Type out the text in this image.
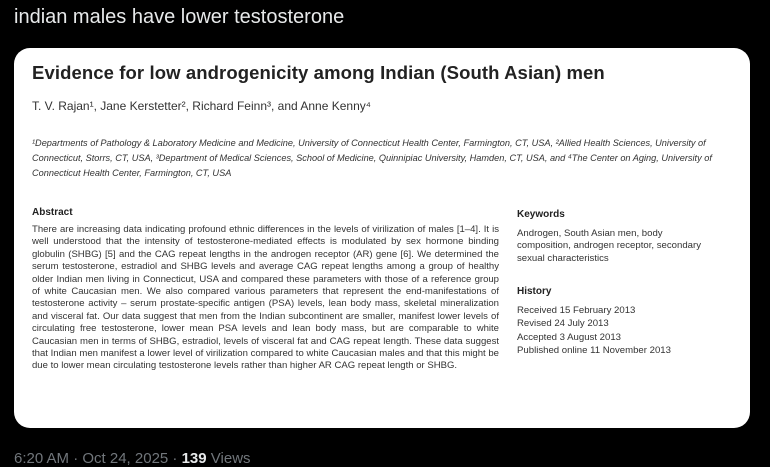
indian males have lower testosterone
Evidence for low androgenicity among Indian (South Asian) men
T. V. Rajan¹, Jane Kerstetter², Richard Feinn³, and Anne Kenny⁴
¹Departments of Pathology & Laboratory Medicine and Medicine, University of Connecticut Health Center, Farmington, CT, USA, ²Allied Health Sciences, University of Connecticut, Storrs, CT, USA, ³Department of Medical Sciences, School of Medicine, Quinnipiac University, Hamden, CT, USA, and ⁴The Center on Aging, University of Connecticut Health Center, Farmington, CT, USA
Abstract
There are increasing data indicating profound ethnic differences in the levels of virilization of males [1–4]. It is well understood that the intensity of testosterone-mediated effects is modulated by sex hormone binding globulin (SHBG) [5] and the CAG repeat lengths in the androgen receptor (AR) gene [6]. We determined the serum testosterone, estradiol and SHBG levels and average CAG repeat lengths among a group of healthy older Indian men living in Connecticut, USA and compared these parameters with those of a reference group of white Caucasian men. We also compared various parameters that represent the end-manifestations of testosterone activity – serum prostate-specific antigen (PSA) levels, lean body mass, skeletal mineralization and visceral fat. Our data suggest that men from the Indian subcontinent are smaller, manifest lower levels of circulating free testosterone, lower mean PSA levels and lean body mass, but are comparable to white Caucasian men in terms of SHBG, estradiol, levels of visceral fat and CAG repeat length. These data suggest that Indian men manifest a lower level of virilization compared to white Caucasian males and that this might be due to lower mean circulating testosterone levels rather than higher AR CAG repeat length or SHBG.
Keywords
Androgen, South Asian men, body composition, androgen receptor, secondary sexual characteristics
History
Received 15 February 2013
Revised 24 July 2013
Accepted 3 August 2013
Published online 11 November 2013
6:20 AM · Oct 24, 2025 · 139 Views
